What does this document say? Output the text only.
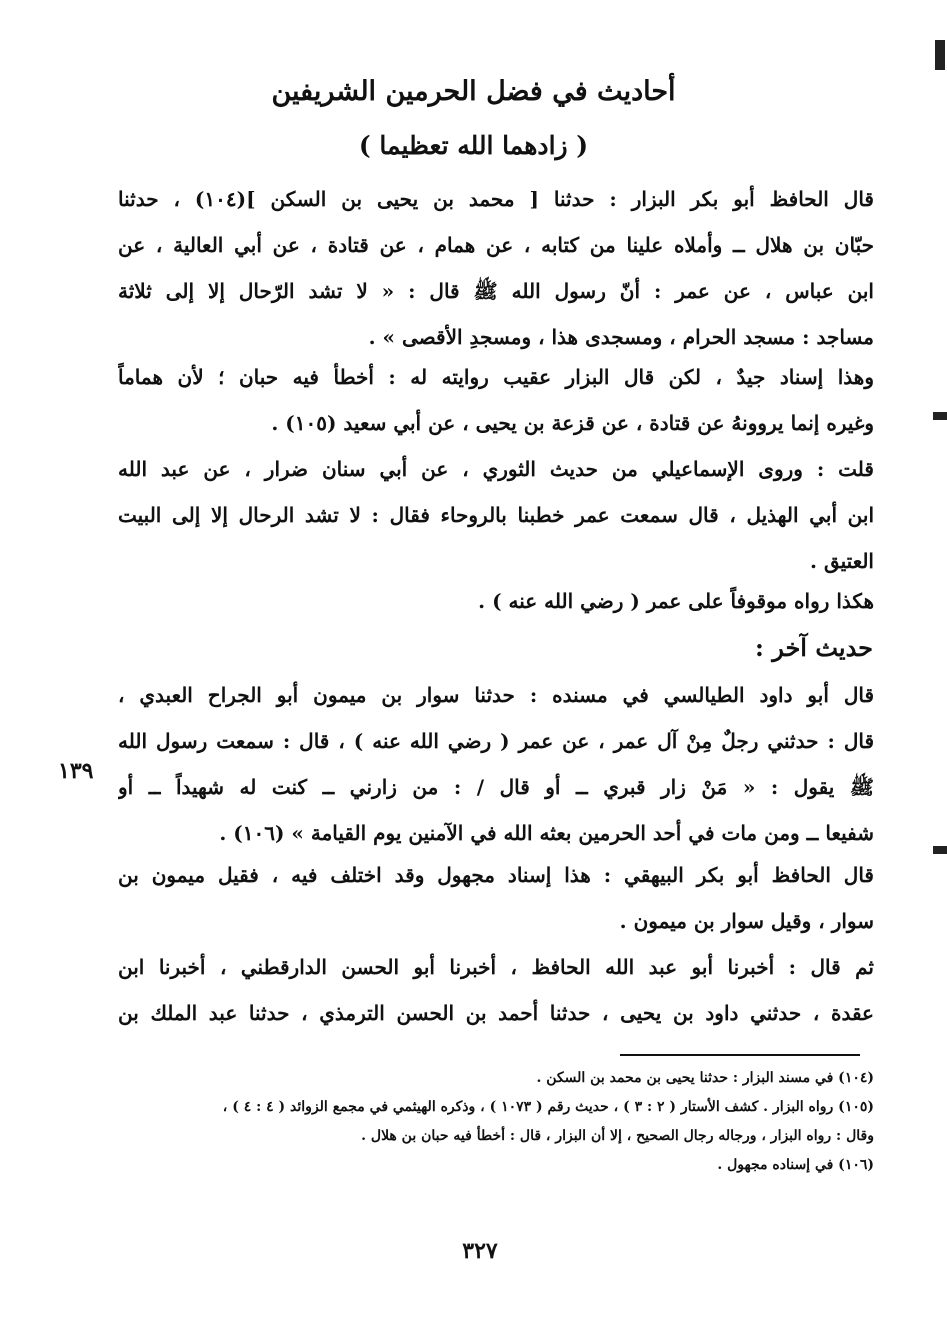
أحاديث في فضل الحرمين الشريفين
( زادهما الله تعظيما )
قال الحافظ أبو بكر البزار : حدثنا [ محمد بن يحيى بن السكن ](١٠٤) ، حدثنا
حبّان بن هلال ــ وأملاه علينا من كتابه ، عن همام ، عن قتادة ، عن أبي العالية ، عن
ابن عباس ، عن عمر : أنّ رسول الله ﷺ قال : « لا تشد الرّحال إلا إلى ثلاثة
مساجد : مسجد الحرام ، ومسجدى هذا ، ومسجدِ الأقصى » .
وهذا إسناد جيدٌ ، لكن قال البزار عقيب روايته له : أخطأ فيه حبان ؛ لأن هماماً
وغيره إنما يروونهُ عن قتادة ، عن قزعة بن يحيى ، عن أبي سعيد (١٠٥) .
قلت : وروى الإسماعيلي من حديث الثوري ، عن أبي سنان ضرار ، عن عبد الله
ابن أبي الهذيل ، قال سمعت عمر خطبنا بالروحاء فقال : لا تشد الرحال إلا إلى البيت
العتيق .
هكذا رواه موقوفاً على عمر ( رضي الله عنه ) .
حديث آخر :
قال أبو داود الطيالسي في مسنده : حدثنا سوار بن ميمون أبو الجراح العبدي ،
قال : حدثني رجلٌ مِنْ آل عمر ، عن عمر ( رضي الله عنه ) ، قال : سمعت رسول الله
ﷺ يقول : « مَنْ زار قبري ــ أو قال / : من زارني ــ كنت له شهيداً ــ أو
شفيعا ــ ومن مات في أحد الحرمين بعثه الله في الآمنين يوم القيامة » (١٠٦) .
١٣٩
قال الحافظ أبو بكر البيهقي : هذا إسناد مجهول وقد اختلف فيه ، فقيل ميمون بن
سوار ، وقيل سوار بن ميمون .
ثم قال : أخبرنا أبو عبد الله الحافظ ، أخبرنا أبو الحسن الدارقطني ، أخبرنا ابن
عقدة ، حدثني داود بن يحيى ، حدثنا أحمد بن الحسن الترمذي ، حدثنا عبد الملك بن
(١٠٤) في مسند البزار : حدثنا يحيى بن محمد بن السكن .
(١٠٥) رواه البزار . كشف الأستار ( ٢ : ٣ ) ، حديث رقم ( ١٠٧٣ ) ، وذكره الهيثمي في مجمع الزوائد ( ٤ : ٤ ) ،
وقال : رواه البزار ، ورجاله رجال الصحيح ، إلا أن البزار ، قال : أخطأ فيه حبان بن هلال .
(١٠٦) في إسناده مجهول .
٣٢٧
